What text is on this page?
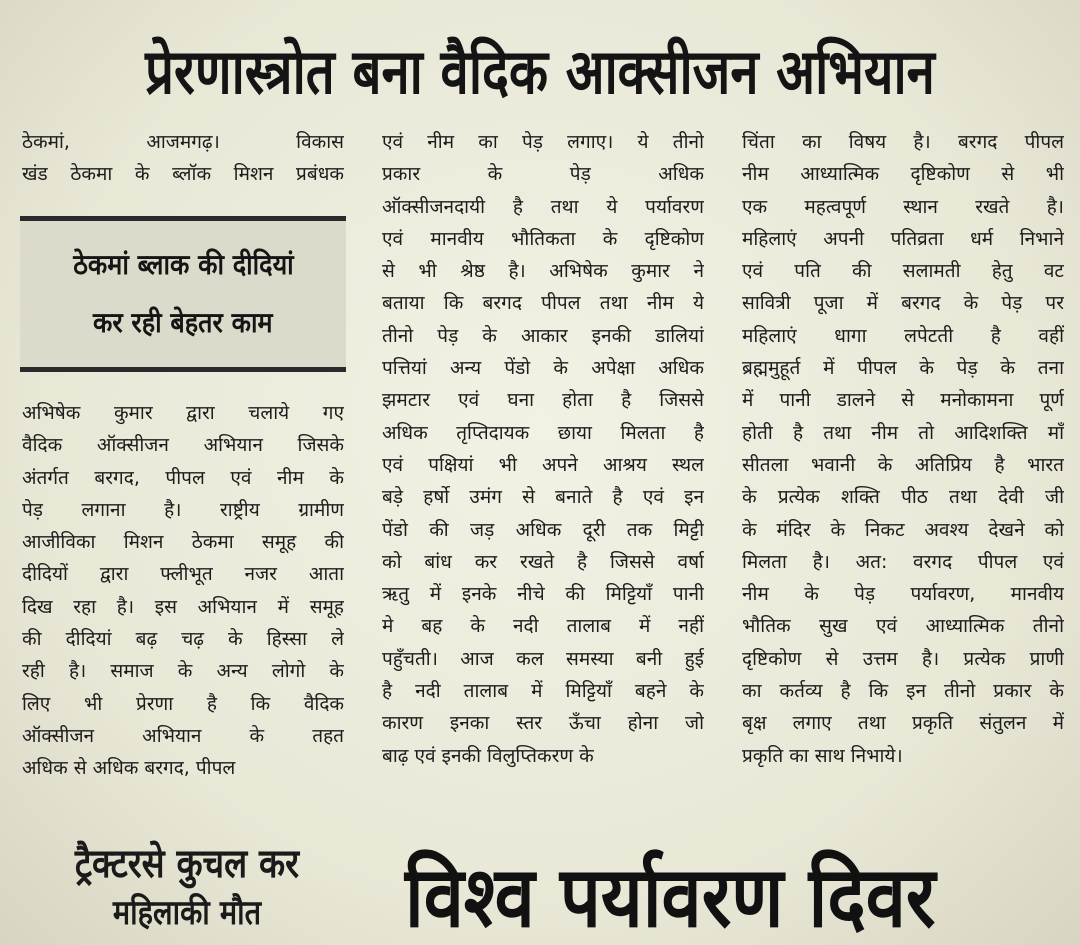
प्रेरणास्त्रोत बना वैदिक आक्सीजन अभियान
ठेकमां, आजमगढ़। विकास
खंड ठेकमा के ब्लॉक मिशन प्रबंधक
ठेकमां ब्लाक की दीदियां
कर रही बेहतर काम
अभिषेक कुमार द्वारा चलाये गए
वैदिक ऑक्सीजन अभियान जिसके
अंतर्गत बरगद, पीपल एवं नीम के
पेड़ लगाना है। राष्ट्रीय ग्रामीण
आजीविका मिशन ठेकमा समूह की
दीदियों द्वारा फ्लीभूत नजर आता
दिख रहा है। इस अभियान में समूह
की दीदियां बढ़ चढ़ के हिस्सा ले
रही है। समाज के अन्य लोगो के
लिए भी प्रेरणा है कि वैदिक
ऑक्सीजन अभियान के तहत
अधिक से अधिक बरगद, पीपल
एवं नीम का पेड़ लगाए। ये तीनो
प्रकार के पेड़ अधिक
ऑक्सीजनदायी है तथा ये पर्यावरण
एवं मानवीय भौतिकता के दृष्टिकोण
से भी श्रेष्ठ है। अभिषेक कुमार ने
बताया कि बरगद पीपल तथा नीम ये
तीनो पेड़ के आकार इनकी डालियां
पत्तियां अन्य पेंडो के अपेक्षा अधिक
झमटार एवं घना होता है जिससे
अधिक तृप्तिदायक छाया मिलता है
एवं पक्षियां भी अपने आश्रय स्थल
बड़े हर्षो उमंग से बनाते है एवं इन
पेंडो की जड़ अधिक दूरी तक मिट्टी
को बांध कर रखते है जिससे वर्षा
ऋतु में इनके नीचे की मिट्टियाँ पानी
मे बह के नदी तालाब में नहीं
पहुँचती। आज कल समस्या बनी हुई
है नदी तालाब में मिट्टियाँ बहने के
कारण इनका स्तर ऊँचा होना जो
बाढ़ एवं इनकी विलुप्तिकरण के
चिंता का विषय है। बरगद पीपल
नीम आध्यात्मिक दृष्टिकोण से भी
एक महत्वपूर्ण स्थान रखते है।
महिलाएं अपनी पतिव्रता धर्म निभाने
एवं पति की सलामती हेतु वट
सावित्री पूजा में बरगद के पेड़ पर
महिलाएं धागा लपेटती है वहीं
ब्रह्ममुहूर्त में पीपल के पेड़ के तना
में पानी डालने से मनोकामना पूर्ण
होती है तथा नीम तो आदिशक्ति माँ
सीतला भवानी के अतिप्रिय है भारत
के प्रत्येक शक्ति पीठ तथा देवी जी
के मंदिर के निकट अवश्य देखने को
मिलता है। अत: वरगद पीपल एवं
नीम के पेड़ पर्यावरण, मानवीय
भौतिक सुख एवं आध्यात्मिक तीनो
दृष्टिकोण से उत्तम है। प्रत्येक प्राणी
का कर्तव्य है कि इन तीनो प्रकार के
बृक्ष लगाए तथा प्रकृति संतुलन में
प्रकृति का साथ निभाये।
ट्रैक्टरसे कुचल कर
महिलाकी मौत	विश्व पर्यावरण दिवर
